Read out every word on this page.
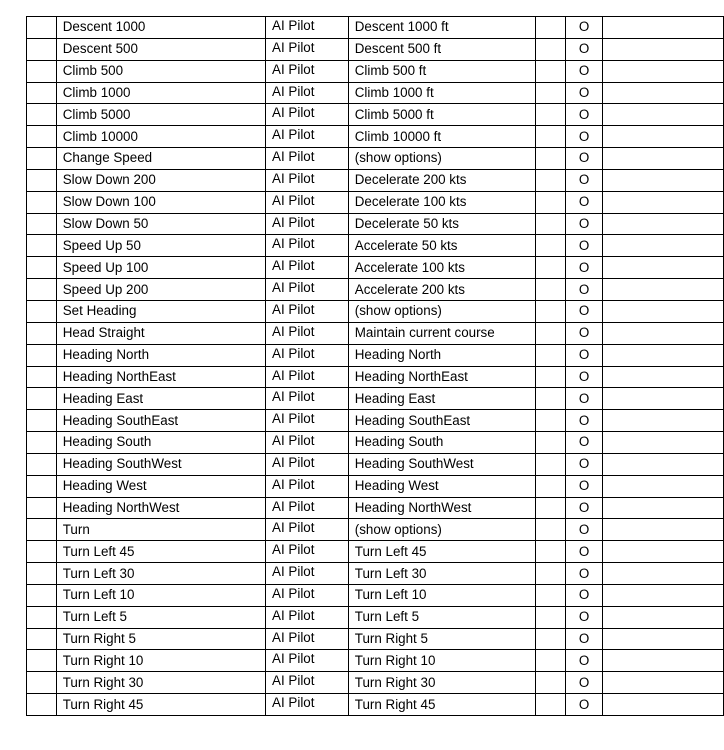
	Descent 1000	AI Pilot	Descent 1000 ft		O	
	Descent 500	AI Pilot	Descent 500 ft		O	
	Climb 500	AI Pilot	Climb 500 ft		O	
	Climb 1000	AI Pilot	Climb 1000 ft		O	
	Climb 5000	AI Pilot	Climb 5000 ft		O	
	Climb 10000	AI Pilot	Climb 10000 ft		O	
	Change Speed	AI Pilot	(show options)		O	
	Slow Down 200	AI Pilot	Decelerate 200 kts		O	
	Slow Down 100	AI Pilot	Decelerate 100 kts		O	
	Slow Down 50	AI Pilot	Decelerate 50 kts		O	
	Speed Up 50	AI Pilot	Accelerate 50 kts		O	
	Speed Up 100	AI Pilot	Accelerate 100 kts		O	
	Speed Up 200	AI Pilot	Accelerate 200 kts		O	
	Set Heading	AI Pilot	(show options)		O	
	Head Straight	AI Pilot	Maintain current course		O	
	Heading North	AI Pilot	Heading North		O	
	Heading NorthEast	AI Pilot	Heading NorthEast		O	
	Heading East	AI Pilot	Heading East		O	
	Heading SouthEast	AI Pilot	Heading SouthEast		O	
	Heading South	AI Pilot	Heading South		O	
	Heading SouthWest	AI Pilot	Heading SouthWest		O	
	Heading West	AI Pilot	Heading West		O	
	Heading NorthWest	AI Pilot	Heading NorthWest		O	
	Turn	AI Pilot	(show options)		O	
	Turn Left 45	AI Pilot	Turn Left 45		O	
	Turn Left 30	AI Pilot	Turn Left 30		O	
	Turn Left 10	AI Pilot	Turn Left 10		O	
	Turn Left 5	AI Pilot	Turn Left 5		O	
	Turn Right 5	AI Pilot	Turn Right 5		O	
	Turn Right 10	AI Pilot	Turn Right 10		O	
	Turn Right 30	AI Pilot	Turn Right 30		O	
	Turn Right 45	AI Pilot	Turn Right 45		O	
